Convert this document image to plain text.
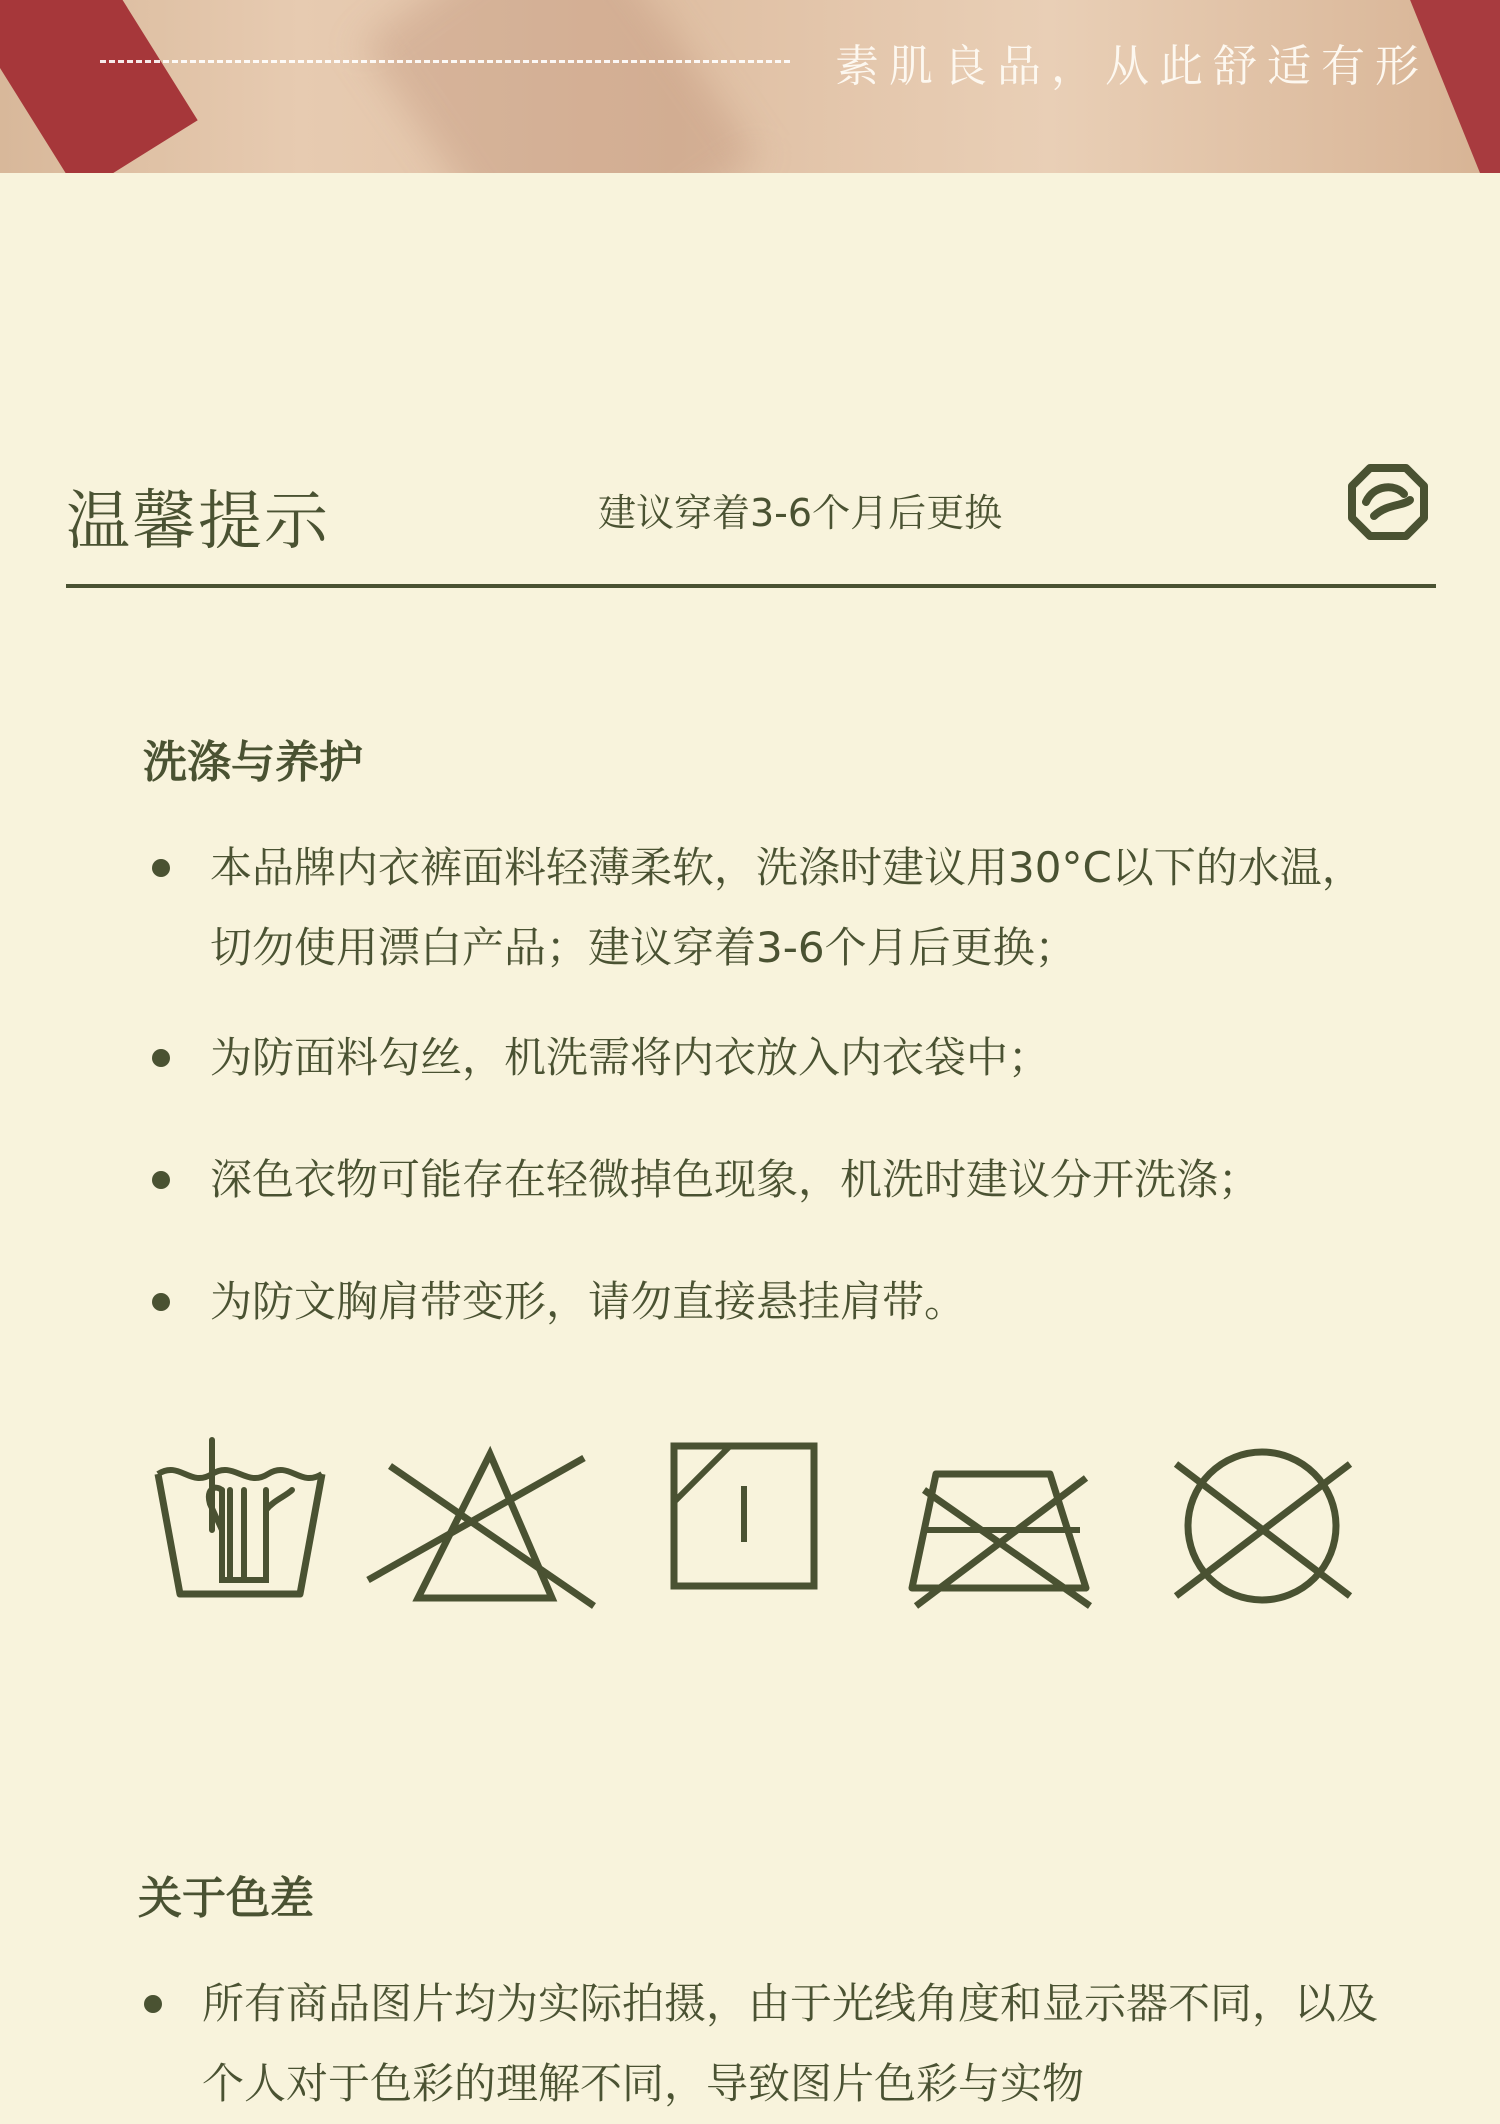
素肌良品，从此舒适有形
温馨提示	建议穿着3-6个月后更换
洗涤与养护
本品牌内衣裤面料轻薄柔软，洗涤时建议用30°C以下的水温，切勿使用漂白产品；建议穿着3-6个月后更换；
为防面料勾丝，机洗需将内衣放入内衣袋中；
深色衣物可能存在轻微掉色现象，机洗时建议分开洗涤；
为防文胸肩带变形，请勿直接悬挂肩带。
关于色差
所有商品图片均为实际拍摄，由于光线角度和显示器不同，以及个人对于色彩的理解不同，导致图片色彩与实物
